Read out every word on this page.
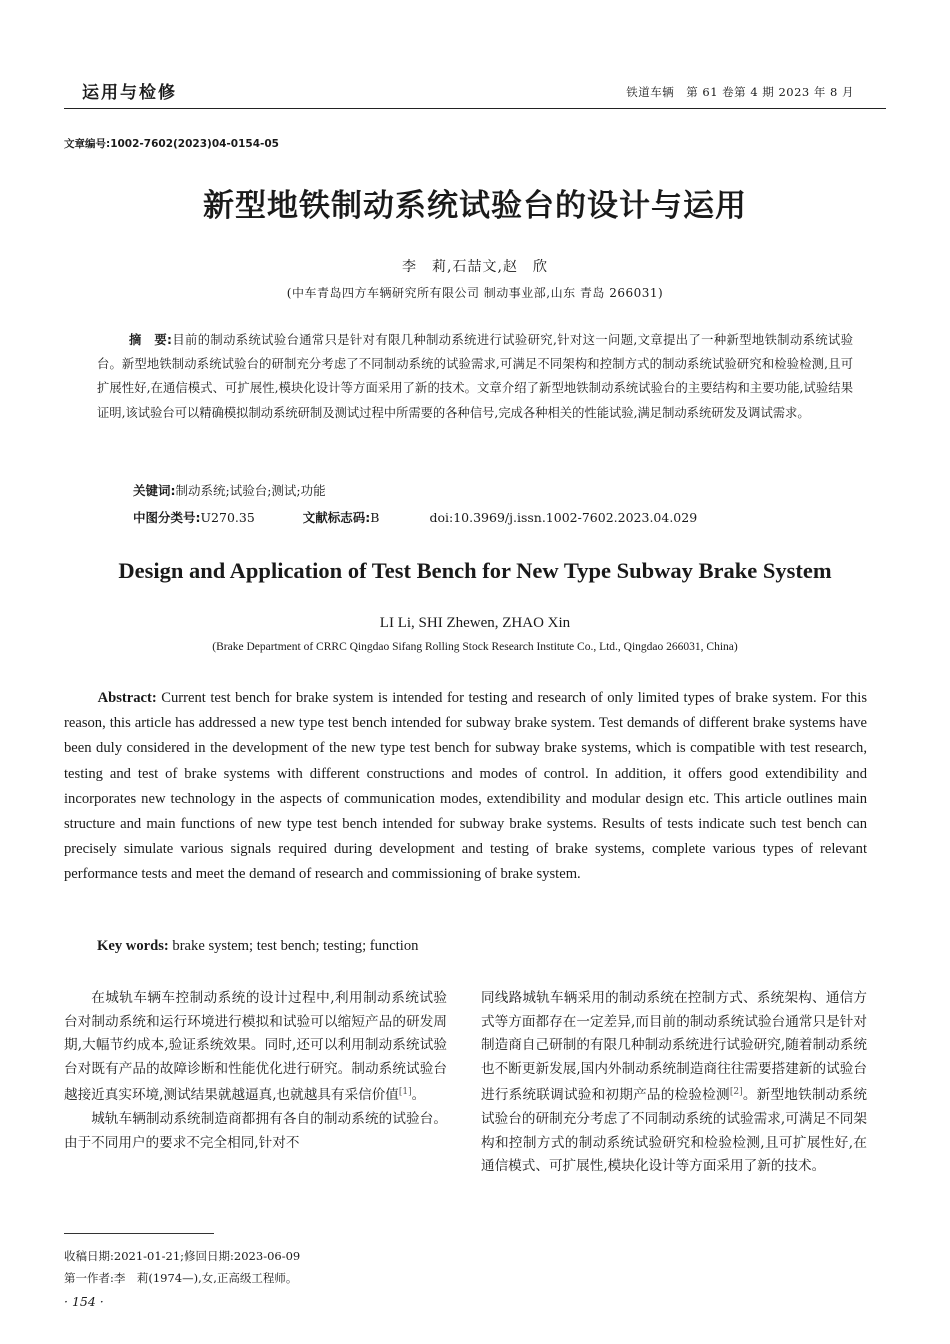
运用与检修	铁道车辆　第 61 卷第 4 期 2023 年 8 月
文章编号:1002-7602(2023)04-0154-05
新型地铁制动系统试验台的设计与运用
李　莉,石喆文,赵　欣
(中车青岛四方车辆研究所有限公司 制动事业部,山东 青岛 266031)
摘　要:目前的制动系统试验台通常只是针对有限几种制动系统进行试验研究,针对这一问题,文章提出了一种新型地铁制动系统试验台。新型地铁制动系统试验台的研制充分考虑了不同制动系统的试验需求,可满足不同架构和控制方式的制动系统试验研究和检验检测,且可扩展性好,在通信模式、可扩展性,模块化设计等方面采用了新的技术。文章介绍了新型地铁制动系统试验台的主要结构和主要功能,试验结果证明,该试验台可以精确模拟制动系统研制及测试过程中所需要的各种信号,完成各种相关的性能试验,满足制动系统研发及调试需求。
关键词:制动系统;试验台;测试;功能
中图分类号:U270.35	文献标志码:B	doi:10.3969/j.issn.1002-7602.2023.04.029
Design and Application of Test Bench for New Type Subway Brake System
LI Li, SHI Zhewen, ZHAO Xin
(Brake Department of CRRC Qingdao Sifang Rolling Stock Research Institute Co., Ltd., Qingdao 266031, China)
Abstract: Current test bench for brake system is intended for testing and research of only limited types of brake system. For this reason, this article has addressed a new type test bench intended for subway brake system. Test demands of different brake systems have been duly considered in the development of the new type test bench for subway brake systems, which is compatible with test research, testing and test of brake systems with different constructions and modes of control. In addition, it offers good extendibility and incorporates new technology in the aspects of communication modes, extendibility and modular design etc. This article outlines main structure and main functions of new type test bench intended for subway brake systems. Results of tests indicate such test bench can precisely simulate various signals required during development and testing of brake systems, complete various types of relevant performance tests and meet the demand of research and commissioning of brake system.
Key words: brake system; test bench; testing; function

在城轨车辆车控制动系统的设计过程中,利用制动系统试验台对制动系统和运行环境进行模拟和试验可以缩短产品的研发周期,大幅节约成本,验证系统效果。同时,还可以利用制动系统试验台对既有产品的故障诊断和性能优化进行研究。制动系统试验台越接近真实环境,测试结果就越逼真,也就越具有采信价值[1]。

城轨车辆制动系统制造商都拥有各自的制动系统的试验台。由于不同用户的要求不完全相同,针对不

同线路城轨车辆采用的制动系统在控制方式、系统架构、通信方式等方面都存在一定差异,而目前的制动系统试验台通常只是针对制造商自己研制的有限几种制动系统进行试验研究,随着制动系统也不断更新发展,国内外制动系统制造商往往需要搭建新的试验台进行系统联调试验和初期产品的检验检测[2]。新型地铁制动系统试验台的研制充分考虑了不同制动系统的试验需求,可满足不同架构和控制方式的制动系统试验研究和检验检测,且可扩展性好,在通信模式、可扩展性,模块化设计等方面采用了新的技术。

收稿日期:2021-01-21;修回日期:2023-06-09
第一作者:李　莉(1974—),女,正高级工程师。
· 154 ·
